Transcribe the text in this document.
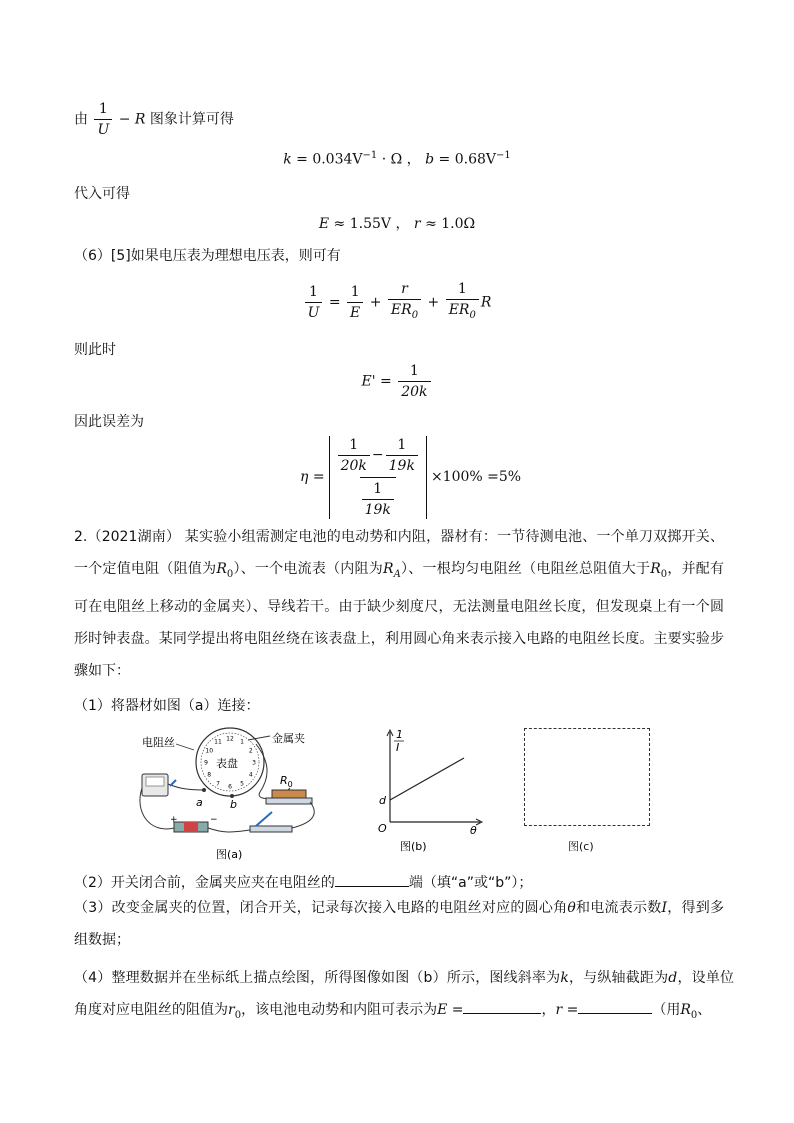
由 $\frac{1}{U} - R$ 图象计算可得
$k = 0.034V^{-1} \cdot \Omega$ ， $b = 0.68V^{-1}$
代入可得
E ≈ 1.55V ， r ≈ 1.0Ω
（6）[5]如果电压表为理想电压表，则可有
$\frac{1}{U} = \frac{1}{E} + \frac{r}{ER_0} + \frac{1}{ER_0}$ R
则此时
$E' = \frac{1}{20k}$
因此误差为
$\eta = \frac{\frac{1}{20k} - \frac{1}{19k}}{\frac{1}{19k}} \times 100\% =5\%$
2.（2021湖南） 某实验小组需测定电池的电动势和内阻，器材有：一节待测电池、一个单刀双掷开关、一个定值电阻（阻值为$R_0$）、一个电流表（内阻为$R_A$）、一根均匀电阻丝（电阻丝总阻值大于$R_0$，并配有可在电阻丝上移动的金属夹）、导线若干。由于缺少刻度尺，无法测量电阻丝长度，但发现桌上有一个圆形时钟表盘。某同学提出将电阻丝绕在该表盘上，利用圆心角来表示接入电路的电阻丝长度。主要实验步骤如下：
（1）将器材如图（a）连接：
电阻丝	12 1
2
3
4
5
6
7
8
9
10
11
表盘
金属夹
a b
$R_0$
+	−
图(a)
1
I
d
O	θ
图(b)	图(c)
（2）开关闭合前，金属夹应夹在电阻丝的	端（填“a”或“b”）；
（3）改变金属夹的位置，闭合开关，记录每次接入电路的电阻丝对应的圆心角θ和电流表示数I，得到多组数据；
（4）整理数据并在坐标纸上描点绘图，所得图像如图（b）所示，图线斜率为k，与纵轴截距为d，设单位角度对应电阻丝的阻值为$r_0$，该电池电动势和内阻可表示为E =	，r =	（用$R_0$、
